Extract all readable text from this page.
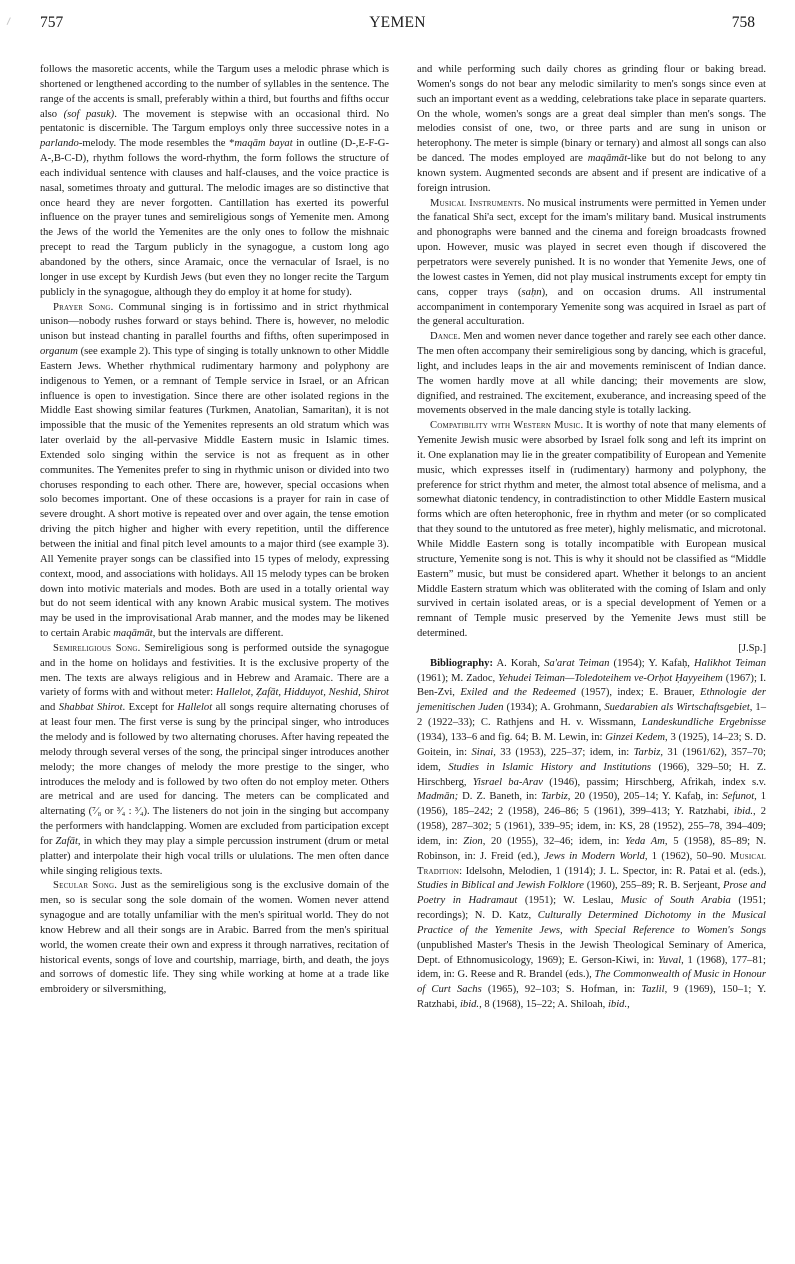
757	YEMEN	758

follows the masoretic accents, while the Targum uses a melodic phrase which is shortened or lengthened according to the number of syllables in the sentence. The range of the accents is small, preferably within a third, but fourths and fifths occur also (sof pasuk). The movement is stepwise with an occasional third. No pentatonic is discernible. The Targum employs only three successive notes in a parlando-melody. The mode resembles the *maqām bayat in outline (D-,E-F-G-A-,B-C-D), rhythm follows the word-rhythm, the form follows the structure of each individual sentence with clauses and half-clauses, and the voice practice is nasal, sometimes throaty and guttural. The melodic images are so distinctive that once heard they are never forgotten. Cantillation has exerted its powerful influence on the prayer tunes and semireligious songs of Yemenite men. Among the Jews of the world the Yemenites are the only ones to follow the mishnaic precept to read the Targum publicly in the synagogue, a custom long ago abandoned by the others, since Aramaic, once the vernacular of Israel, is no longer in use except by Kurdish Jews (but even they no longer recite the Targum publicly in the synagogue, although they do employ it at home for study).

Prayer Song. Communal singing is in fortissimo and in strict rhythmical unison—nobody rushes forward or stays behind. There is, however, no melodic unison but instead chanting in parallel fourths and fifths, often superimposed in organum (see example 2). This type of singing is totally unknown to other Middle Eastern Jews. Whether rhythmical rudimentary harmony and polyphony are indigenous to Yemen, or a remnant of Temple service in Israel, or an African influence is open to investigation. Since there are other isolated regions in the Middle East showing similar features (Turkmen, Anatolian, Samaritan), it is not impossible that the music of the Yemenites represents an old stratum which was later overlaid by the all-pervasive Middle Eastern music in Islamic times. Extended solo singing within the service is not as frequent as in other communites. The Yemenites prefer to sing in rhythmic unison or divided into two choruses responding to each other. There are, however, special occasions when solo becomes important. One of these occasions is a prayer for rain in case of severe drought. A short motive is repeated over and over again, the tense emotion driving the pitch higher and higher with every repetition, until the difference between the initial and final pitch level amounts to a major third (see example 3). All Yemenite prayer songs can be classified into 15 types of melody, expressing context, mood, and associations with holidays. All 15 melody types can be broken down into motivic materials and modes. Both are used in a totally oriental way but do not seem identical with any known Arabic musical system. The motives may be used in the improvisational Arab manner, and the modes may be likened to certain Arabic maqāmāt, but the intervals are different.

Semireligious Song. Semireligious song is performed outside the synagogue and in the home on holidays and festivities. It is the exclusive property of the men. The texts are always religious and in Hebrew and Aramaic. There are a variety of forms with and without meter: Hallelot, Ẓafāt, Hidduyot, Neshid, Shirot and Shabbat Shirot. Except for Hallelot all songs require alternating choruses of at least four men. The first verse is sung by the principal singer, who introduces the melody and is followed by two alternating choruses. After having repeated the melody through several verses of the song, the principal singer introduces another melody; the more changes of melody the more prestige to the singer, who introduces the melody and is followed by two often do not employ meter. Others are metrical and are used for dancing. The meters can be complicated and alternating (⁷⁄₈ or ³⁄₄ : ³⁄₄). The listeners do not join in the singing but accompany the performers with handclapping. Women are excluded from participation except for Zafāt, in which they may play a simple percussion instrument (drum or metal platter) and interpolate their high vocal trills or ululations. The men often dance while singing religious texts.

Secular Song. Just as the semireligious song is the exclusive domain of the men, so is secular song the sole domain of the women. Women never attend synagogue and are totally unfamiliar with the men's spiritual world. They do not know Hebrew and all their songs are in Arabic. Barred from the men's spiritual world, the women create their own and express it through narratives, recitation of historical events, songs of love and courtship, marriage, birth, and death, the joys and sorrows of domestic life. They sing while working at home at a trade like embroidery or silversmithing,

and while performing such daily chores as grinding flour or baking bread. Women's songs do not bear any melodic similarity to men's songs since even at such an important event as a wedding, celebrations take place in separate quarters. On the whole, women's songs are a great deal simpler than men's songs. The melodies consist of one, two, or three parts and are sung in unison or heterophony. The meter is simple (binary or ternary) and almost all songs can also be danced. The modes employed are maqāmāt-like but do not belong to any known system. Augmented seconds are absent and if present are indicative of a foreign intrusion.

Musical Instruments. No musical instruments were permitted in Yemen under the fanatical Shi'a sect, except for the imam's military band. Musical instruments and phonographs were banned and the cinema and foreign broadcasts frowned upon. However, music was played in secret even though if discovered the perpetrators were severely punished. It is no wonder that Yemenite Jews, one of the lowest castes in Yemen, did not play musical instruments except for empty tin cans, copper trays (saḥn), and on occasion drums. All instrumental accompaniment in contemporary Yemenite song was acquired in Israel as part of the general acculturation.

Dance. Men and women never dance together and rarely see each other dance. The men often accompany their semireligious song by dancing, which is graceful, light, and includes leaps in the air and movements reminiscent of Indian dance. The women hardly move at all while dancing; their movements are slow, dignified, and restrained. The excitement, exuberance, and increasing speed of the movements observed in the male dancing style is totally lacking.

Compatibility with Western Music. It is worthy of note that many elements of Yemenite Jewish music were absorbed by Israel folk song and left its imprint on it. One explanation may lie in the greater compatibility of European and Yemenite music, which expresses itself in (rudimentary) harmony and polyphony, the preference for strict rhythm and meter, the almost total absence of melisma, and a somewhat diatonic tendency, in contradistinction to other Middle Eastern musical forms which are often heterophonic, free in rhythm and meter (or so complicated that they sound to the untutored as free meter), highly melismatic, and microtonal. While Middle Eastern song is totally incompatible with European musical structure, Yemenite song is not. This is why it should not be classified as “Middle Eastern” music, but must be considered apart. Whether it belongs to an ancient Middle Eastern stratum which was obliterated with the coming of Islam and only survived in certain isolated areas, or is a special development of Yemen or a remnant of Temple music preserved by the Yemenite Jews must still be determined.

[J.Sp.]

Bibliography: A. Korah, Sa'arat Teiman (1954); Y. Kafaḥ, Halikhot Teiman (1961); M. Zadoc, Yehudei Teiman—Toledoteihem ve-Orḥot Ḥayyeihem (1967); I. Ben-Zvi, Exiled and the Redeemed (1957), index; E. Brauer, Ethnologie der jemenitischen Juden (1934); A. Grohmann, Suedarabien als Wirtschaftsgebiet, 1–2 (1922–33); C. Rathjens and H. v. Wissmann, Landeskundliche Ergebnisse (1934), 133–6 and fig. 64; B. M. Lewin, in: Ginzei Kedem, 3 (1925), 14–23; S. D. Goitein, in: Sinai, 33 (1953), 225–37; idem, in: Tarbiz, 31 (1961/62), 357–70; idem, Studies in Islamic History and Institutions (1966), 329–50; H. Z. Hirschberg, Yisrael ba-Arav (1946), passim; Hirschberg, Afrikah, index s.v. Madmān; D. Z. Baneth, in: Tarbiz, 20 (1950), 205–14; Y. Kafaḥ, in: Sefunot, 1 (1956), 185–242; 2 (1958), 246–86; 5 (1961), 399–413; Y. Ratzhabi, ibid., 2 (1958), 287–302; 5 (1961), 339–95; idem, in: KS, 28 (1952), 255–78, 394–409; idem, in: Zion, 20 (1955), 32–46; idem, in: Yeda Am, 5 (1958), 85–89; N. Robinson, in: J. Freid (ed.), Jews in Modern World, 1 (1962), 50–90. Musical Tradition: Idelsohn, Melodien, 1 (1914); J. L. Spector, in: R. Patai et al. (eds.), Studies in Biblical and Jewish Folklore (1960), 255–89; R. B. Serjeant, Prose and Poetry in Hadramaut (1951); W. Leslau, Music of South Arabia (1951; recordings); N. D. Katz, Culturally Determined Dichotomy in the Musical Practice of the Yemenite Jews, with Special Reference to Women's Songs (unpublished Master's Thesis in the Jewish Theological Seminary of America, Dept. of Ethnomusicology, 1969); E. Gerson-Kiwi, in: Yuval, 1 (1968), 177–81; idem, in: G. Reese and R. Brandel (eds.), The Commonwealth of Music in Honour of Curt Sachs (1965), 92–103; S. Hofman, in: Tazlil, 9 (1969), 150–1; Y. Ratzhabi, ibid., 8 (1968), 15–22; A. Shiloah, ibid.,
